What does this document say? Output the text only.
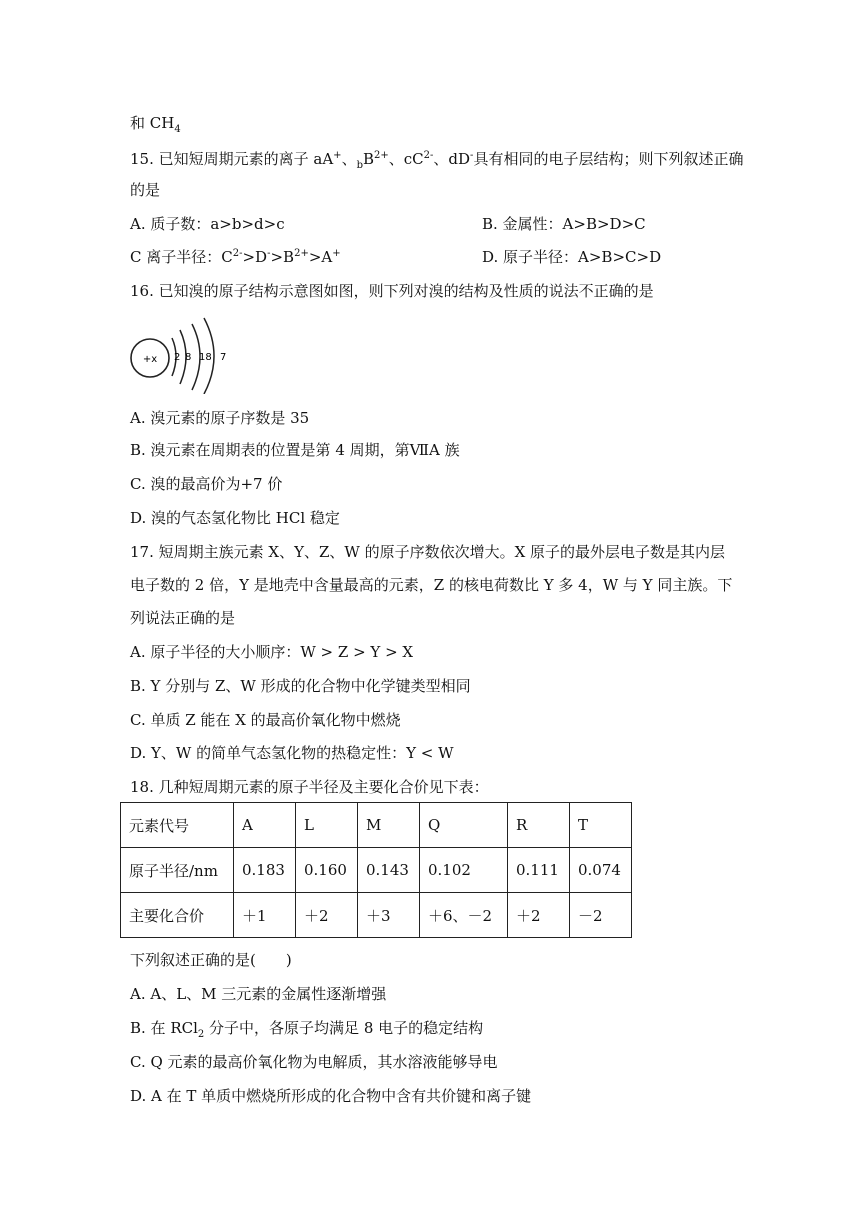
和 $CH_4$
15. 已知短周期元素的离子 aA+、$_bB^{2+}$、$cC^{2-}$、dD-具有相同的电子层结构；则下列叙述正确
的是
A. 质子数：a>b>d>c	B. 金属性：A>B>D>C
C 离子半径：$C^{2-}>D^->B^{2+}>A^+$	D. 原子半径：A>B>C>D
16. 已知溴的原子结构示意图如图，则下列对溴的结构及性质的说法不正确的是
+x 2 8 18 7
A. 溴元素的原子序数是 35
B. 溴元素在周期表的位置是第 4 周期，第ⅦA 族
C. 溴的最高价为+7 价
D. 溴的气态氢化物比 HCl 稳定
17. 短周期主族元素 X、Y、Z、W 的原子序数依次增大。X 原子的最外层电子数是其内层
电子数的 2 倍，Y 是地壳中含量最高的元素，Z 的核电荷数比 Y 多 4，W 与 Y 同主族。下
列说法正确的是
A. 原子半径的大小顺序：W > Z > Y > X
B. Y 分别与 Z、W 形成的化合物中化学键类型相同
C. 单质 Z 能在 X 的最高价氧化物中燃烧
D. Y、W 的简单气态氢化物的热稳定性：Y < W
18. 几种短周期元素的原子半径及主要化合价见下表：
元素代号	A	L	M	Q	R	T
原子半径/nm	0.183	0.160	0.143	0.102	0.111	0.074
主要化合价	＋1	＋2	＋3	＋6、－2	＋2	－2
下列叙述正确的是(　　)
A. A、L、M 三元素的金属性逐渐增强
B. 在 RCl$_2$ 分子中，各原子均满足 8 电子的稳定结构
C. Q 元素的最高价氧化物为电解质，其水溶液能够导电
D. A 在 T 单质中燃烧所形成的化合物中含有共价键和离子键
